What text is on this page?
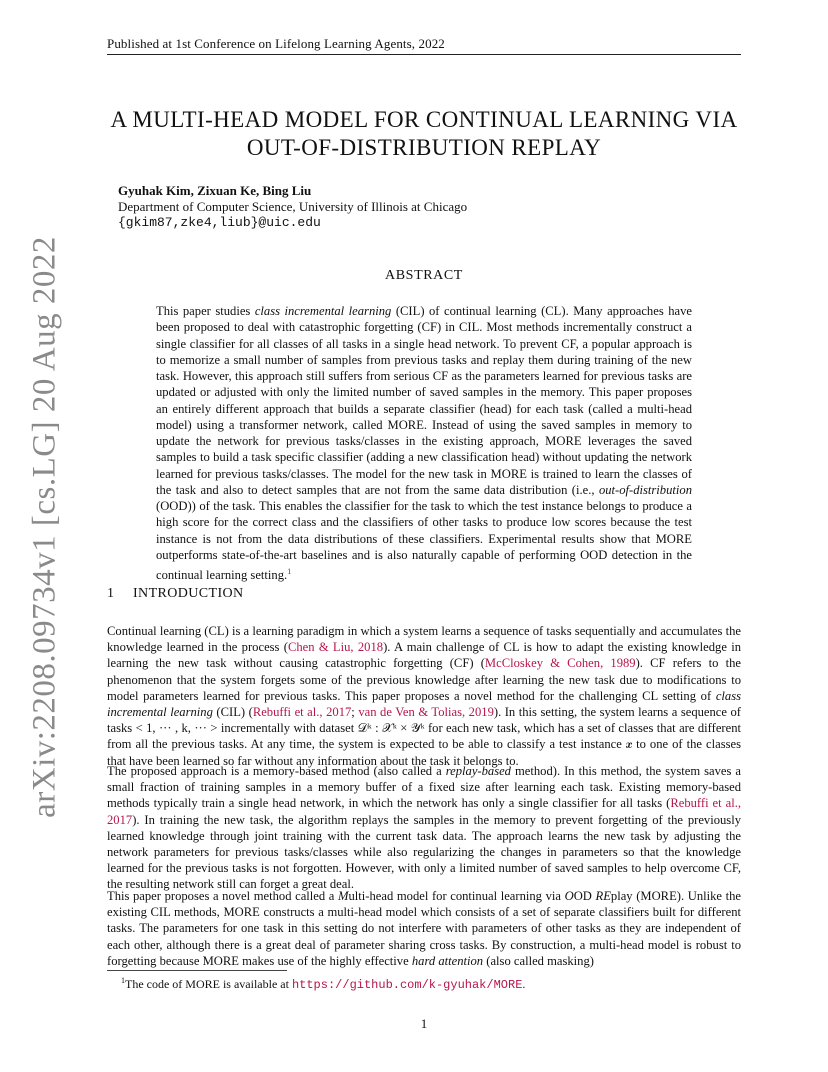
Published at 1st Conference on Lifelong Learning Agents, 2022
arXiv:2208.09734v1 [cs.LG] 20 Aug 2022
A MULTI-HEAD MODEL FOR CONTINUAL LEARNING VIA
OUT-OF-DISTRIBUTION REPLAY
Gyuhak Kim, Zixuan Ke, Bing Liu
Department of Computer Science, University of Illinois at Chicago
{gkim87,zke4,liub}@uic.edu
ABSTRACT
This paper studies class incremental learning (CIL) of continual learning (CL). Many approaches have been proposed to deal with catastrophic forgetting (CF) in CIL. Most methods incrementally construct a single classifier for all classes of all tasks in a single head network. To prevent CF, a popular approach is to memorize a small number of samples from previous tasks and replay them during training of the new task. However, this approach still suffers from serious CF as the parameters learned for previous tasks are updated or adjusted with only the limited number of saved samples in the memory. This paper proposes an entirely different approach that builds a separate classifier (head) for each task (called a multi-head model) using a transformer network, called MORE. Instead of using the saved samples in memory to update the network for previous tasks/classes in the existing approach, MORE leverages the saved samples to build a task specific classifier (adding a new classification head) without updating the network learned for previous tasks/classes. The model for the new task in MORE is trained to learn the classes of the task and also to detect samples that are not from the same data distribution (i.e., out-of-distribution (OOD)) of the task. This enables the classifier for the task to which the test instance belongs to produce a high score for the correct class and the classifiers of other tasks to produce low scores because the test instance is not from the data distributions of these classifiers. Experimental results show that MORE outperforms state-of-the-art baselines and is also naturally capable of performing OOD detection in the continual learning setting.$^1$
1 INTRODUCTION
Continual learning (CL) is a learning paradigm in which a system learns a sequence of tasks sequentially and accumulates the knowledge learned in the process (Chen & Liu, 2018). A main challenge of CL is how to adapt the existing knowledge in learning the new task without causing catastrophic forgetting (CF) (McCloskey & Cohen, 1989). CF refers to the phenomenon that the system forgets some of the previous knowledge after learning the new task due to modifications to model parameters learned for previous tasks. This paper proposes a novel method for the challenging CL setting of class incremental learning (CIL) (Rebuffi et al., 2017; van de Ven & Tolias, 2019). In this setting, the system learns a sequence of tasks < 1, ··· , k, ··· > incrementally with dataset 𝒟ᵏ : 𝒳ᵏ × 𝒴ᵏ for each new task, which has a set of classes that are different from all the previous tasks. At any time, the system is expected to be able to classify a test instance 𝒙 to one of the classes that have been learned so far without any information about the task it belongs to.
The proposed approach is a memory-based method (also called a replay-based method). In this method, the system saves a small fraction of training samples in a memory buffer of a fixed size after learning each task. Existing memory-based methods typically train a single head network, in which the network has only a single classifier for all tasks (Rebuffi et al., 2017). In training the new task, the algorithm replays the samples in the memory to prevent forgetting of the previously learned knowledge through joint training with the current task data. The approach learns the new task by adjusting the network parameters for previous tasks/classes while also regularizing the changes in parameters so that the knowledge learned for the previous tasks is not forgotten. However, with only a limited number of saved samples to help overcome CF, the resulting network still can forget a great deal.
This paper proposes a novel method called a Multi-head model for continual learning via OOD REplay (MORE). Unlike the existing CIL methods, MORE constructs a multi-head model which consists of a set of separate classifiers built for different tasks. The parameters for one task in this setting do not interfere with parameters of other tasks as they are independent of each other, although there is a great deal of parameter sharing cross tasks. By construction, a multi-head model is robust to forgetting because MORE makes use of the highly effective hard attention (also called masking)
$^1$The code of MORE is available at https://github.com/k-gyuhak/MORE.
1
